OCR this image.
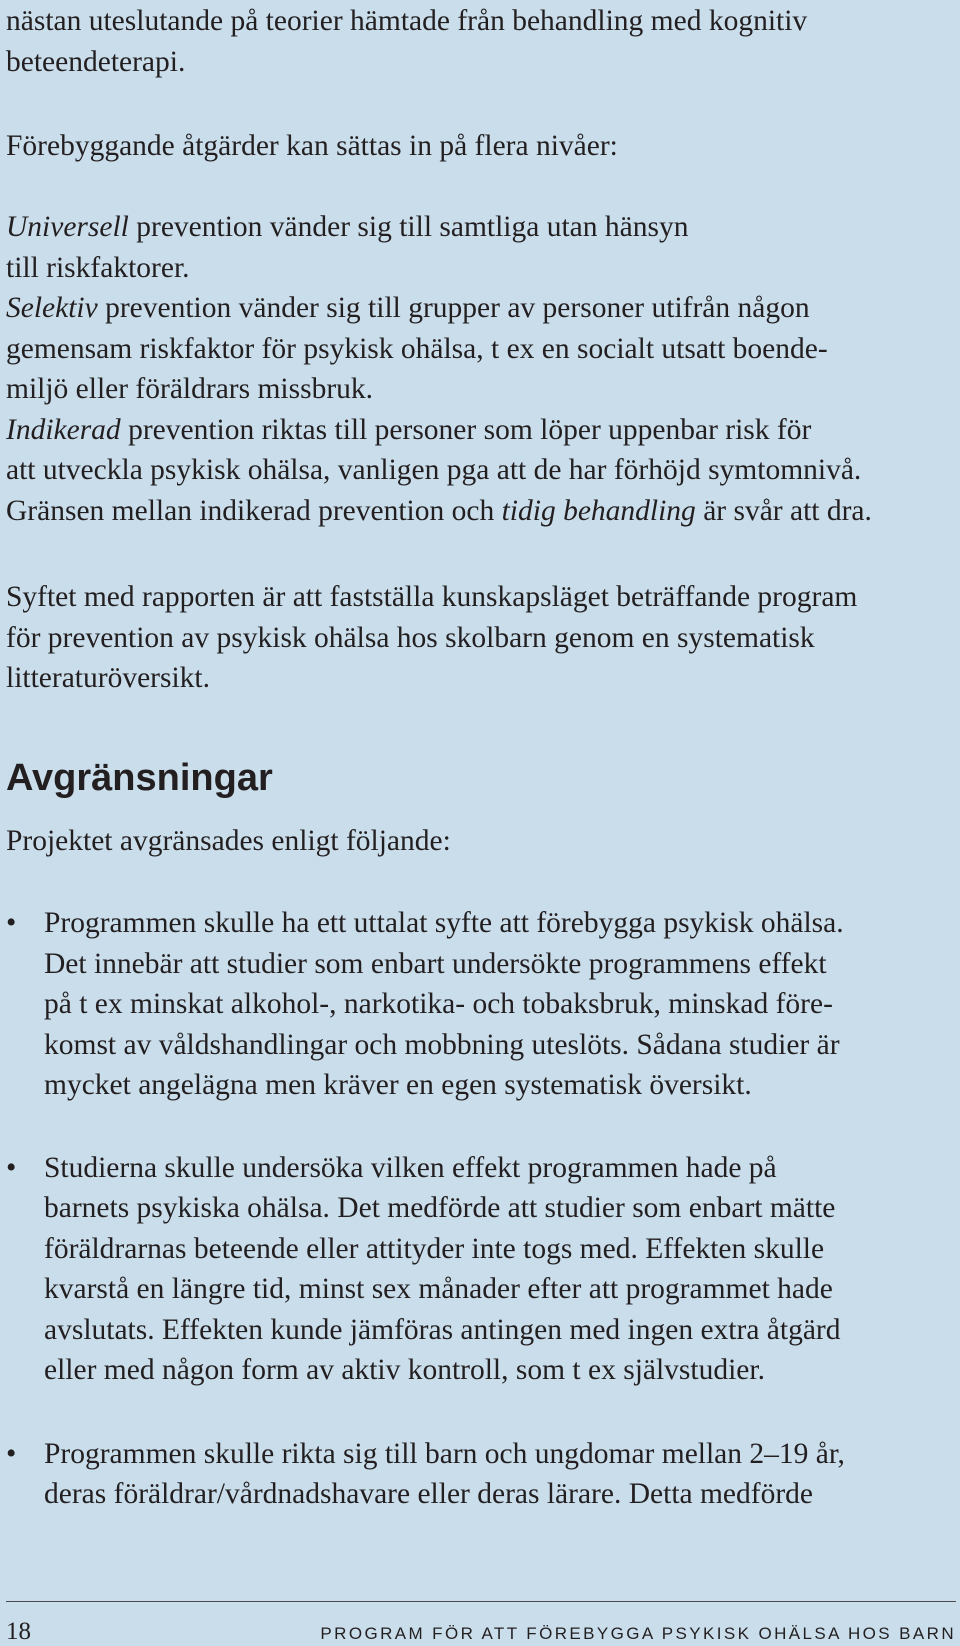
nästan uteslutande på teorier hämtade från behandling med kognitiv
beteendeterapi.

Förebyggande åtgärder kan sättas in på flera nivåer:

Universell prevention vänder sig till samtliga utan hänsyn
till riskfaktorer.
Selektiv prevention vänder sig till grupper av personer utifrån någon
gemensam riskfaktor för psykisk ohälsa, t ex en socialt utsatt boende-
miljö eller föräldrars missbruk.
Indikerad prevention riktas till personer som löper uppenbar risk för
att utveckla psykisk ohälsa, vanligen pga att de har förhöjd symtomnivå.
Gränsen mellan indikerad prevention och tidig behandling är svår att dra.

Syftet med rapporten är att fastställa kunskapsläget beträffande program
för prevention av psykisk ohälsa hos skolbarn genom en systematisk
litteraturöversikt.

Avgränsningar

Projektet avgränsades enligt följande:

• Programmen skulle ha ett uttalat syfte att förebygga psykisk ohälsa.
Det innebär att studier som enbart undersökte programmens effekt
på t ex minskat alkohol-, narkotika- och tobaksbruk, minskad före-
komst av våldshandlingar och mobbning uteslöts. Sådana studier är
mycket angelägna men kräver en egen systematisk översikt.

• Studierna skulle undersöka vilken effekt programmen hade på
barnets psykiska ohälsa. Det medförde att studier som enbart mätte
föräldrarnas beteende eller attityder inte togs med. Effekten skulle
kvarstå en längre tid, minst sex månader efter att programmet hade
avslutats. Effekten kunde jämföras antingen med ingen extra åtgärd
eller med någon form av aktiv kontroll, som t ex självstudier.

• Programmen skulle rikta sig till barn och ungdomar mellan 2–19 år,
deras föräldrar/vårdnadshavare eller deras lärare. Detta medförde

18	PROGRAM FÖR ATT FÖREBYGGA PSYKISK OHÄLSA HOS BARN
